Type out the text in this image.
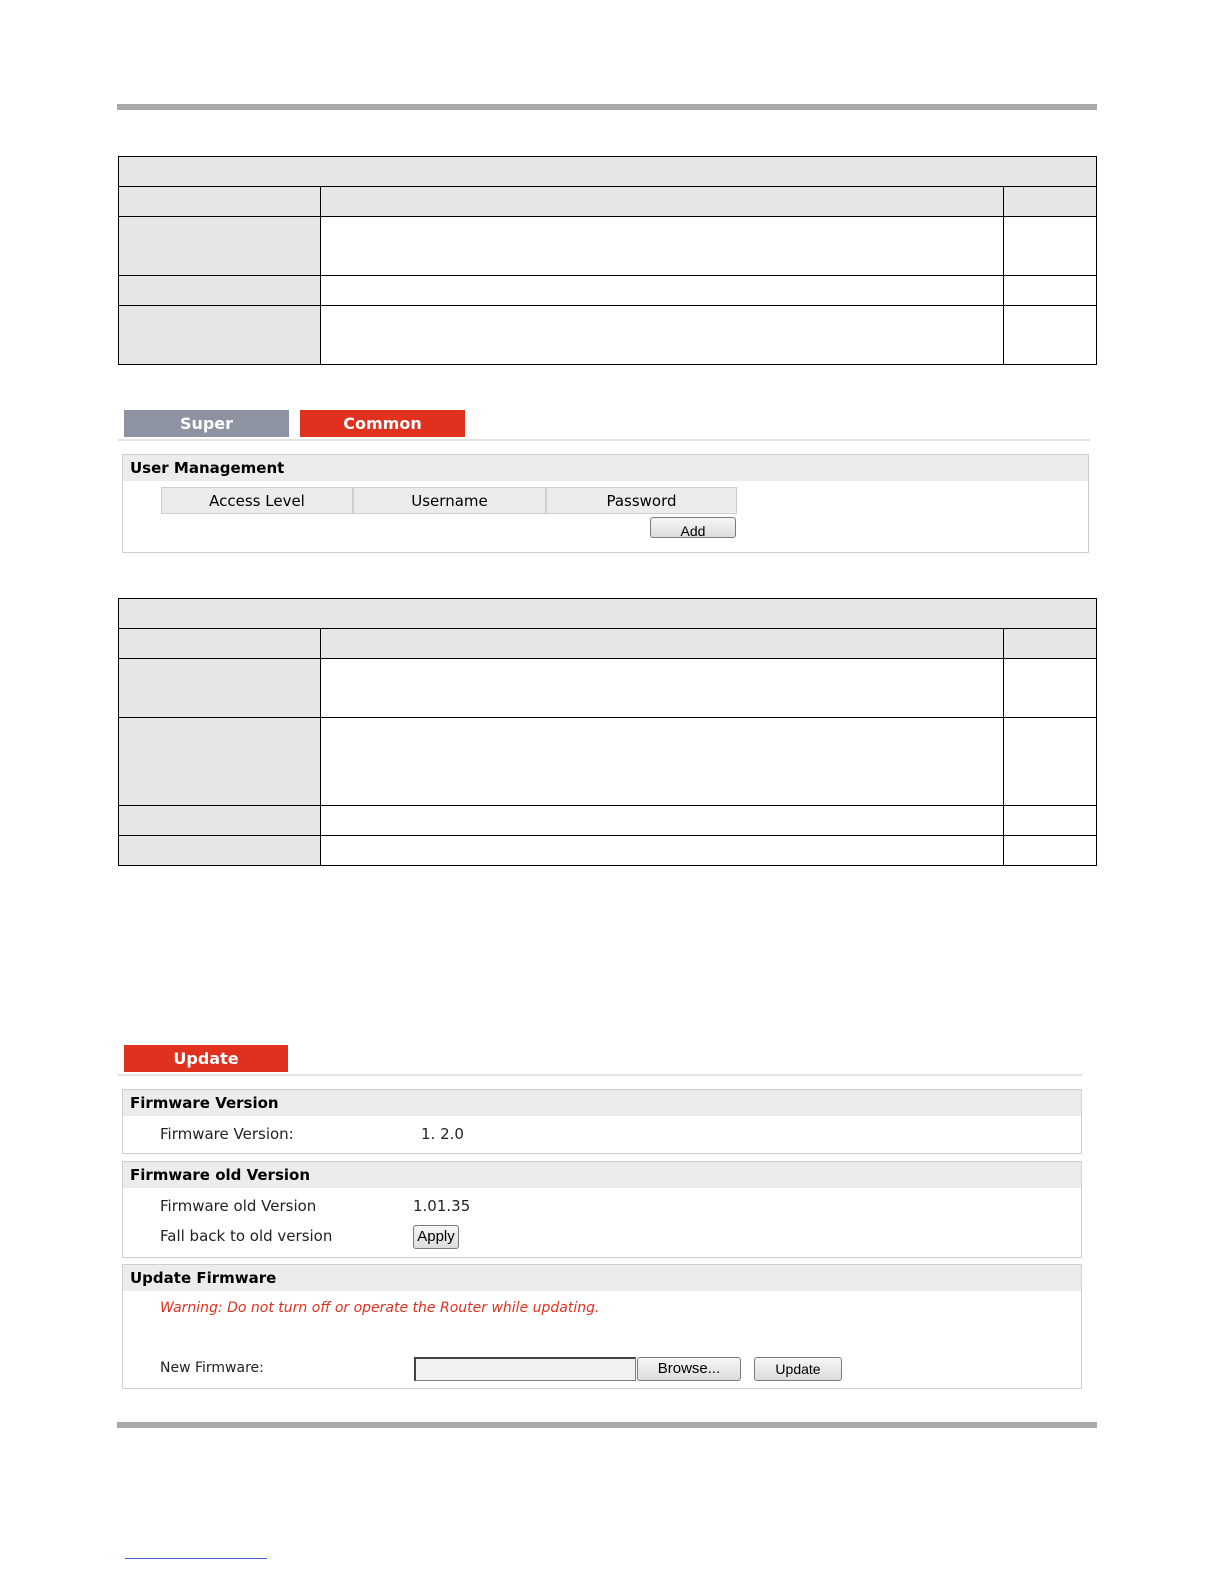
Super	Common
User Management
Access Level	Username	Password
Add

Update
Firmware Version
Firmware Version:	1. 2.0
Firmware old Version
Firmware old Version	1.01.35
Fall back to old version	Apply
Update Firmware
Warning: Do not turn off or operate the Router while updating.
New Firmware:	Browse...	Update
